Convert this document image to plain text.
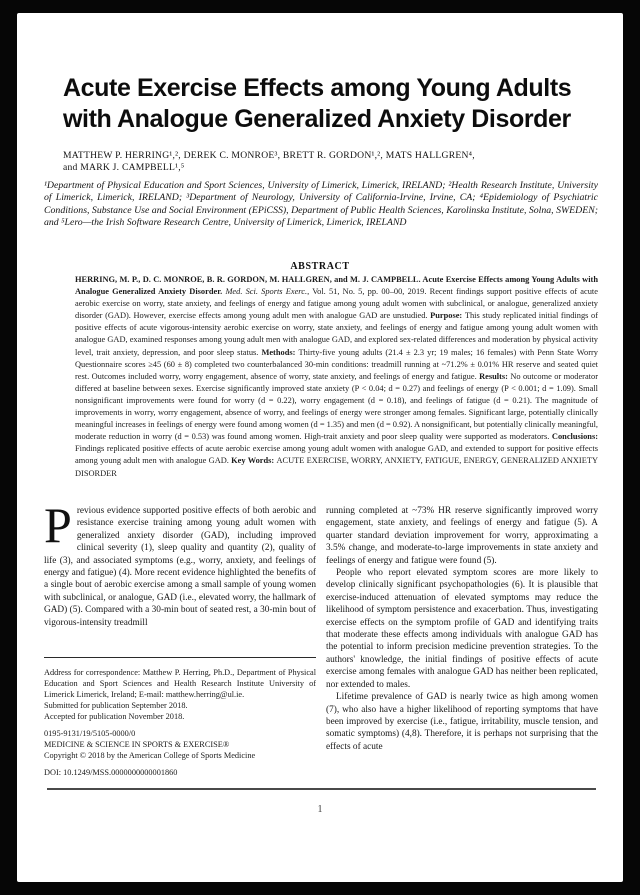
Acute Exercise Effects among Young Adults
with Analogue Generalized Anxiety Disorder
MATTHEW P. HERRING¹,², DEREK C. MONROE³, BRETT R. GORDON¹,², MATS HALLGREN⁴,
and MARK J. CAMPBELL¹,⁵

¹Department of Physical Education and Sport Sciences, University of Limerick, Limerick, IRELAND; ²Health Research Institute, University of Limerick, Limerick, IRELAND; ³Department of Neurology, University of California-Irvine, Irvine, CA; ⁴Epidemiology of Psychiatric Conditions, Substance Use and Social Environment (EPiCSS), Department of Public Health Sciences, Karolinska Institute, Solna, SWEDEN; and ⁵Lero—the Irish Software Research Centre, University of Limerick, Limerick, IRELAND

ABSTRACT

HERRING, M. P., D. C. MONROE, B. R. GORDON, M. HALLGREN, and M. J. CAMPBELL. Acute Exercise Effects among Young Adults with Analogue Generalized Anxiety Disorder. Med. Sci. Sports Exerc., Vol. 51, No. 5, pp. 00–00, 2019. Recent findings support positive effects of acute aerobic exercise on worry, state anxiety, and feelings of energy and fatigue among young adult women with subclinical, or analogue, generalized anxiety disorder (GAD). However, exercise effects among young adult men with analogue GAD are unstudied. Purpose: This study replicated initial findings of positive effects of acute vigorous-intensity aerobic exercise on worry, state anxiety, and feelings of energy and fatigue among young adult women with analogue GAD, examined responses among young adult men with analogue GAD, and explored sex-related differences and moderation by physical activity level, trait anxiety, depression, and poor sleep status. Methods: Thirty-five young adults (21.4 ± 2.3 yr; 19 males; 16 females) with Penn State Worry Questionnaire scores ≥45 (60 ± 8) completed two counterbalanced 30-min conditions: treadmill running at ~71.2% ± 0.01% HR reserve and seated quiet rest. Outcomes included worry, worry engagement, absence of worry, state anxiety, and feelings of energy and fatigue. Results: No outcome or moderator differed at baseline between sexes. Exercise significantly improved state anxiety (P < 0.04; d = 0.27) and feelings of energy (P < 0.001; d = 1.09). Small nonsignificant improvements were found for worry (d = 0.22), worry engagement (d = 0.18), and feelings of fatigue (d = 0.21). The magnitude of improvements in worry, worry engagement, absence of worry, and feelings of energy were stronger among females. Significant large, potentially clinically meaningful increases in feelings of energy were found among women (d = 1.35) and men (d = 0.92). A nonsignificant, but potentially clinically meaningful, moderate reduction in worry (d = 0.53) was found among women. High-trait anxiety and poor sleep quality were supported as moderators. Conclusions: Findings replicated positive effects of acute aerobic exercise among young adult women with analogue GAD, and extended to support for positive effects among young adult men with analogue GAD. Key Words: ACUTE EXERCISE, WORRY, ANXIETY, FATIGUE, ENERGY, GENERALIZED ANXIETY DISORDER

Previous evidence supported positive effects of both aerobic and resistance exercise training among young adult women with generalized anxiety disorder (GAD), including improved clinical severity (1), sleep quality and quantity (2), quality of life (3), and associated symptoms (e.g., worry, anxiety, and feelings of energy and fatigue) (4). More recent evidence highlighted the benefits of a single bout of aerobic exercise among a small sample of young women with subclinical, or analogue, GAD (i.e., elevated worry, the hallmark of GAD) (5). Compared with a 30-min bout of seated rest, a 30-min bout of vigorous-intensity treadmill

running completed at ~73% HR reserve significantly improved worry engagement, state anxiety, and feelings of energy and fatigue (5). A quarter standard deviation improvement for worry, approximating a 3.5% change, and moderate-to-large improvements in state anxiety and feelings of energy and fatigue were found (5).

People who report elevated symptom scores are more likely to develop clinically significant psychopathologies (6). It is plausible that exercise-induced attenuation of elevated symptoms may reduce the likelihood of symptom persistence and exacerbation. Thus, investigating exercise effects on the symptom profile of GAD and identifying traits that moderate these effects among individuals with analogue GAD has the potential to inform precision medicine prevention strategies. To the authors' knowledge, the initial findings of positive effects of acute exercise among females with analogue GAD has neither been replicated, nor extended to males.

Lifetime prevalence of GAD is nearly twice as high among women (7), who also have a higher likelihood of reporting symptoms that have been improved by exercise (i.e., fatigue, irritability, muscle tension, and somatic symptoms) (4,8). Therefore, it is perhaps not surprising that the effects of acute

Address for correspondence: Matthew P. Herring, Ph.D., Department of Physical Education and Sport Sciences and Health Research Institute University of Limerick Limerick, Ireland; E-mail: matthew.herring@ul.ie.

Submitted for publication September 2018.

Accepted for publication November 2018.

0195-9131/19/5105-0000/0

MEDICINE & SCIENCE IN SPORTS & EXERCISE®

Copyright © 2018 by the American College of Sports Medicine

DOI: 10.1249/MSS.0000000000001860

1
